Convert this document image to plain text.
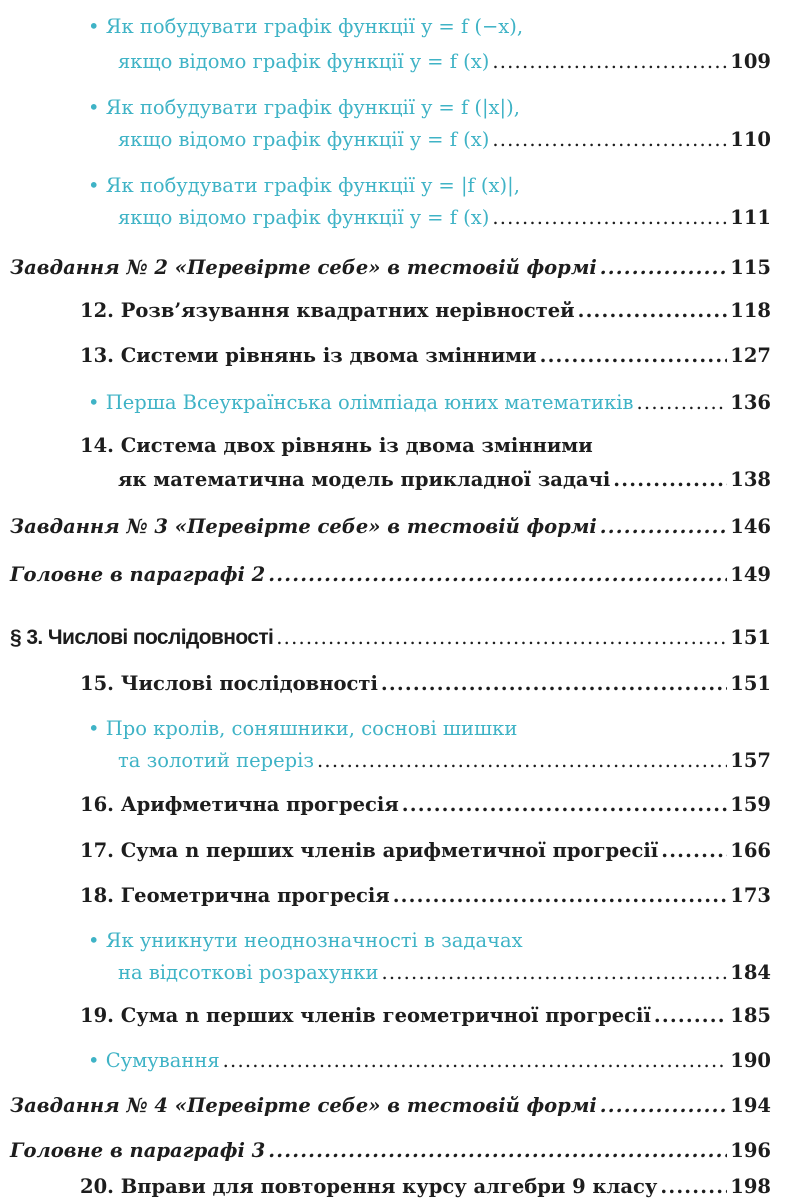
• Як побудувати графік функції y = f (−x),
якщо відомо графік функції y = f (x) .....	109
• Як побудувати графік функції y = f (|x|),
якщо відомо графік функції y = f (x) .....	110
• Як побудувати графік функції y = |f (x)|,
якщо відомо графік функції y = f (x) .....	111
Завдання № 2 «Перевірте себе» в тестовій формі .....	115
12. Розв’язування квадратних нерівностей .....	118
13. Системи рівнянь із двома змінними .....	127
• Перша Всеукраїнська олімпіада юних математиків .....	136
14. Система двох рівнянь із двома змінними
як математична модель прикладної задачі .....	138
Завдання № 3 «Перевірте себе» в тестовій формі .....	146
Головне в параграфі 2 .....	149
§ 3. Числові послідовності .....	151
15. Числові послідовності .....	151
• Про кролів, соняшники, соснові шишки
та золотий переріз .....	157
16. Арифметична прогресія .....	159
17. Сума n перших членів арифметичної прогресії .....	166
18. Геометрична прогресія .....	173
• Як уникнути неоднозначності в задачах
на відсоткові розрахунки .....	184
19. Сума n перших членів геометричної прогресії .....	185
• Сумування .....	190
Завдання № 4 «Перевірте себе» в тестовій формі .....	194
Головне в параграфі 3 .....	196
20. Вправи для повторення курсу алгебри 9 класу .....	198
